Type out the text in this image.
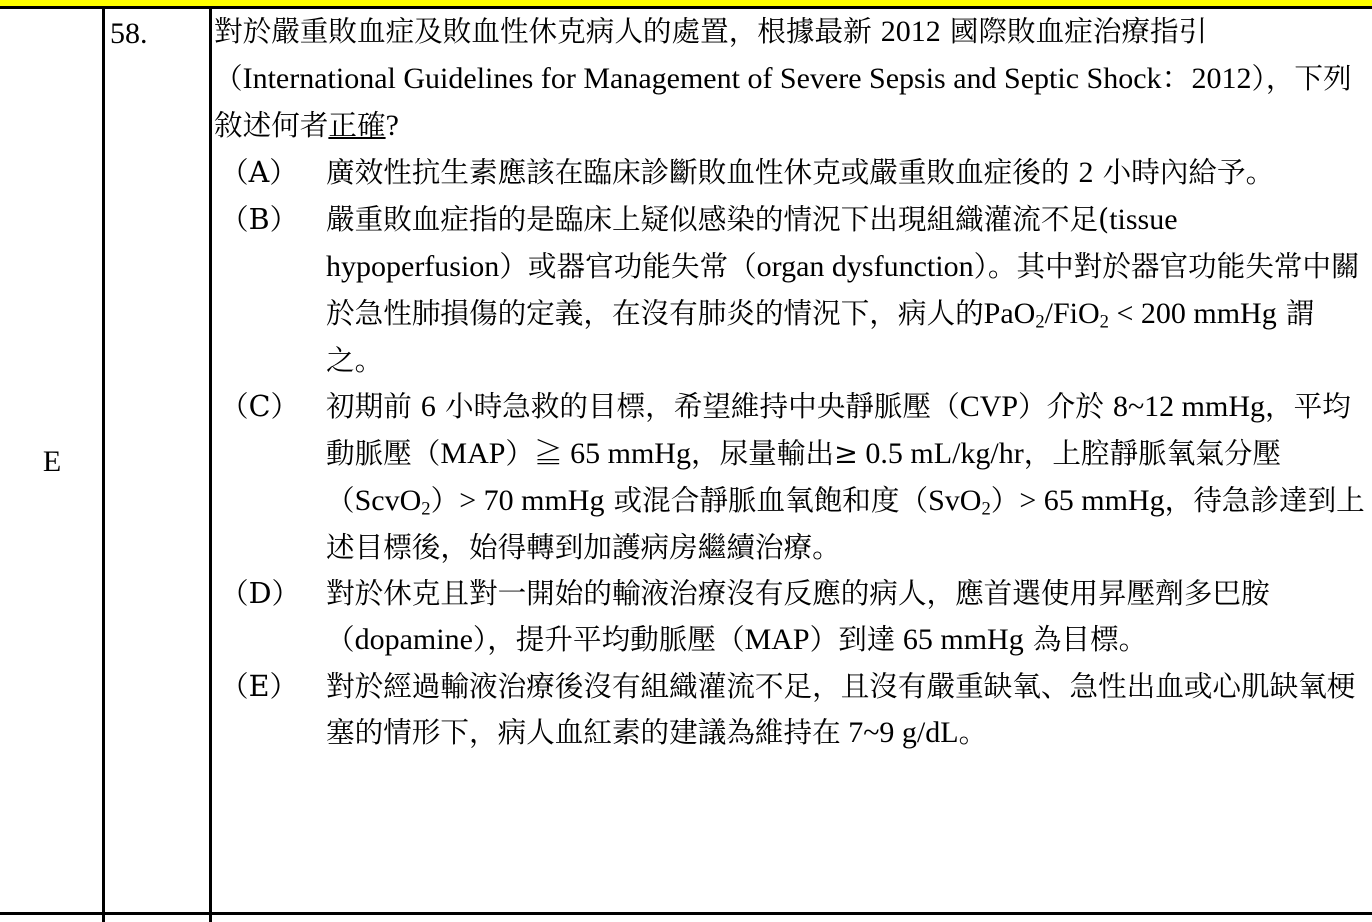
E
58. 對於嚴重敗血症及敗血性休克病人的處置，根據最新 2012 國際敗血症治療指引（International Guidelines for Management of Severe Sepsis and Septic Shock：2012），下列敘述何者正確?
（A） 廣效性抗生素應該在臨床診斷敗血性休克或嚴重敗血症後的 2 小時內給予。
（B） 嚴重敗血症指的是臨床上疑似感染的情況下出現組織灌流不足(tissue hypoperfusion）或器官功能失常（organ dysfunction）。其中對於器官功能失常中關於急性肺損傷的定義，在沒有肺炎的情況下，病人的PaO$_2$/FiO$_2$ < 200 mmHg 謂之。
（C） 初期前 6 小時急救的目標，希望維持中央靜脈壓（CVP）介於 8~12 mmHg，平均動脈壓（MAP）≧ 65 mmHg，尿量輸出≥ 0.5 mL/kg/hr，上腔靜脈氧氣分壓（ScvO$_2$）> 70 mmHg 或混合靜脈血氧飽和度（SvO$_2$）> 65 mmHg，待急診達到上述目標後，始得轉到加護病房繼續治療。
（D） 對於休克且對一開始的輸液治療沒有反應的病人，應首選使用昇壓劑多巴胺（dopamine），提升平均動脈壓（MAP）到達 65 mmHg 為目標。
（E） 對於經過輸液治療後沒有組織灌流不足，且沒有嚴重缺氧、急性出血或心肌缺氧梗塞的情形下，病人血紅素的建議為維持在 7~9 g/dL。
